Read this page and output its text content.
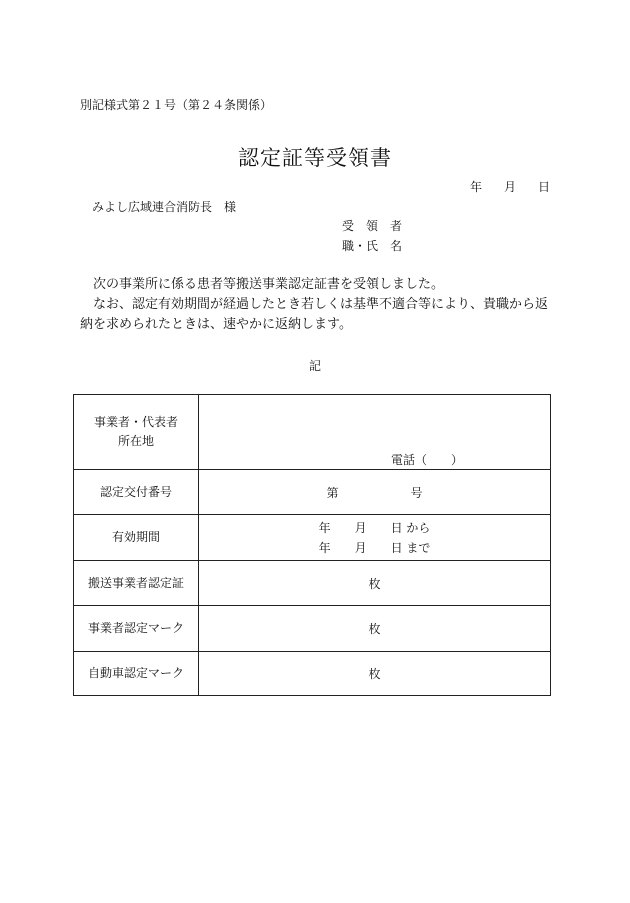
別記様式第２１号（第２４条関係）
認定証等受領書
年 月 日
みよし広域連合消防長　様
受　領　者
職・氏　名

　次の事業所に係る患者等搬送事業認定証書を受領しました。

　なお、認定有効期間が経過したとき若しくは基準不適合等により、貴職から返納を求められたときは、速やかに返納します。

記
事業者・代表者
所在地	電話（　　）

認定交付番号	第　　　　　　号
有効期間	年　　月　　日 から
年　　月　　日 まで

搬送事業者認定証	枚
事業者認定マーク	枚
自動車認定マーク	枚
